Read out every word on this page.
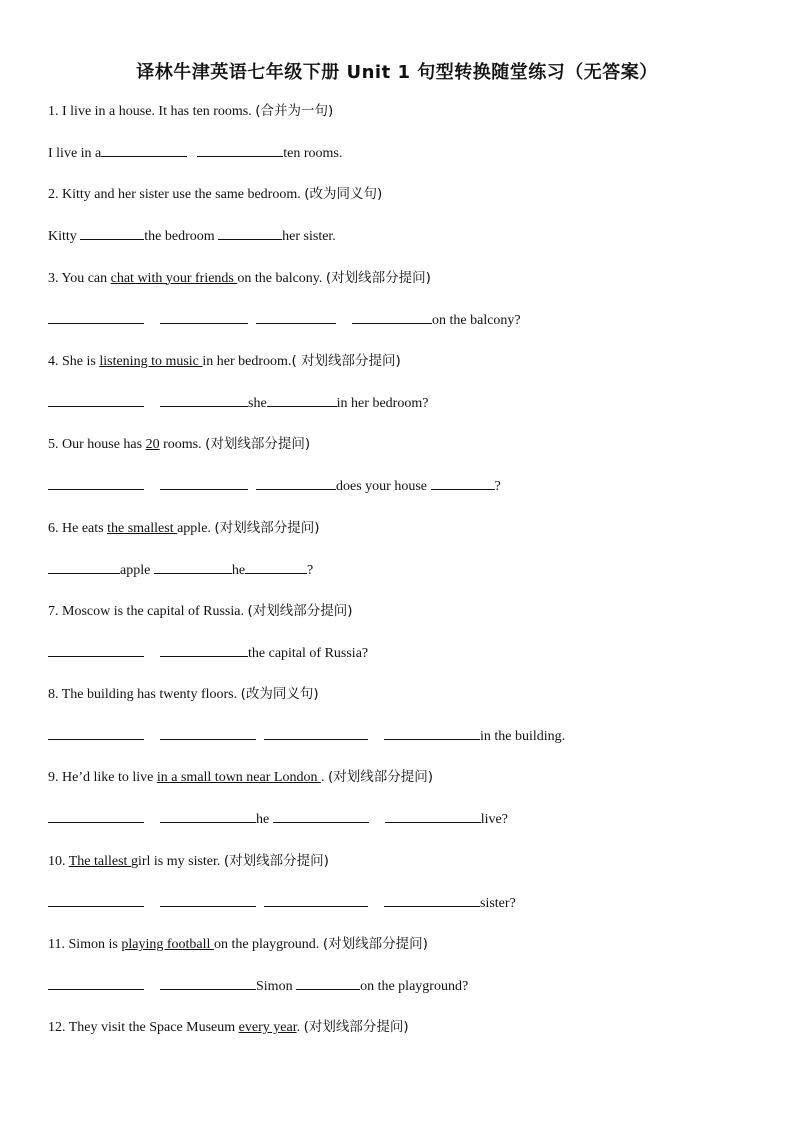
译林牛津英语七年级下册 Unit 1 句型转换随堂练习（无答案）
1. I live in a house. It has ten rooms. (合并为一句)
I live in a	ten rooms.
2. Kitty and her sister use the same bedroom. (改为同义句)
Kitty	the bedroom	her sister.
3. You can chat with your friends on the balcony. (对划线部分提问)
on the balcony?
4. She is listening to music in her bedroom.( 对划线部分提问)
she	in her bedroom?
5. Our house has 20 rooms. (对划线部分提问)
does your house	?
6. He eats the smallest apple. (对划线部分提问)
apple	he	?
7. Moscow is the capital of Russia. (对划线部分提问)
the capital of Russia?
8. The building has twenty floors. (改为同义句)
in the building.
9. He’d like to live in a small town near London . (对划线部分提问)
he	live?
10. The tallest girl is my sister. (对划线部分提问)
sister?
11. Simon is playing football on the playground. (对划线部分提问)
Simon	on the playground?
12. They visit the Space Museum every year. (对划线部分提问)
